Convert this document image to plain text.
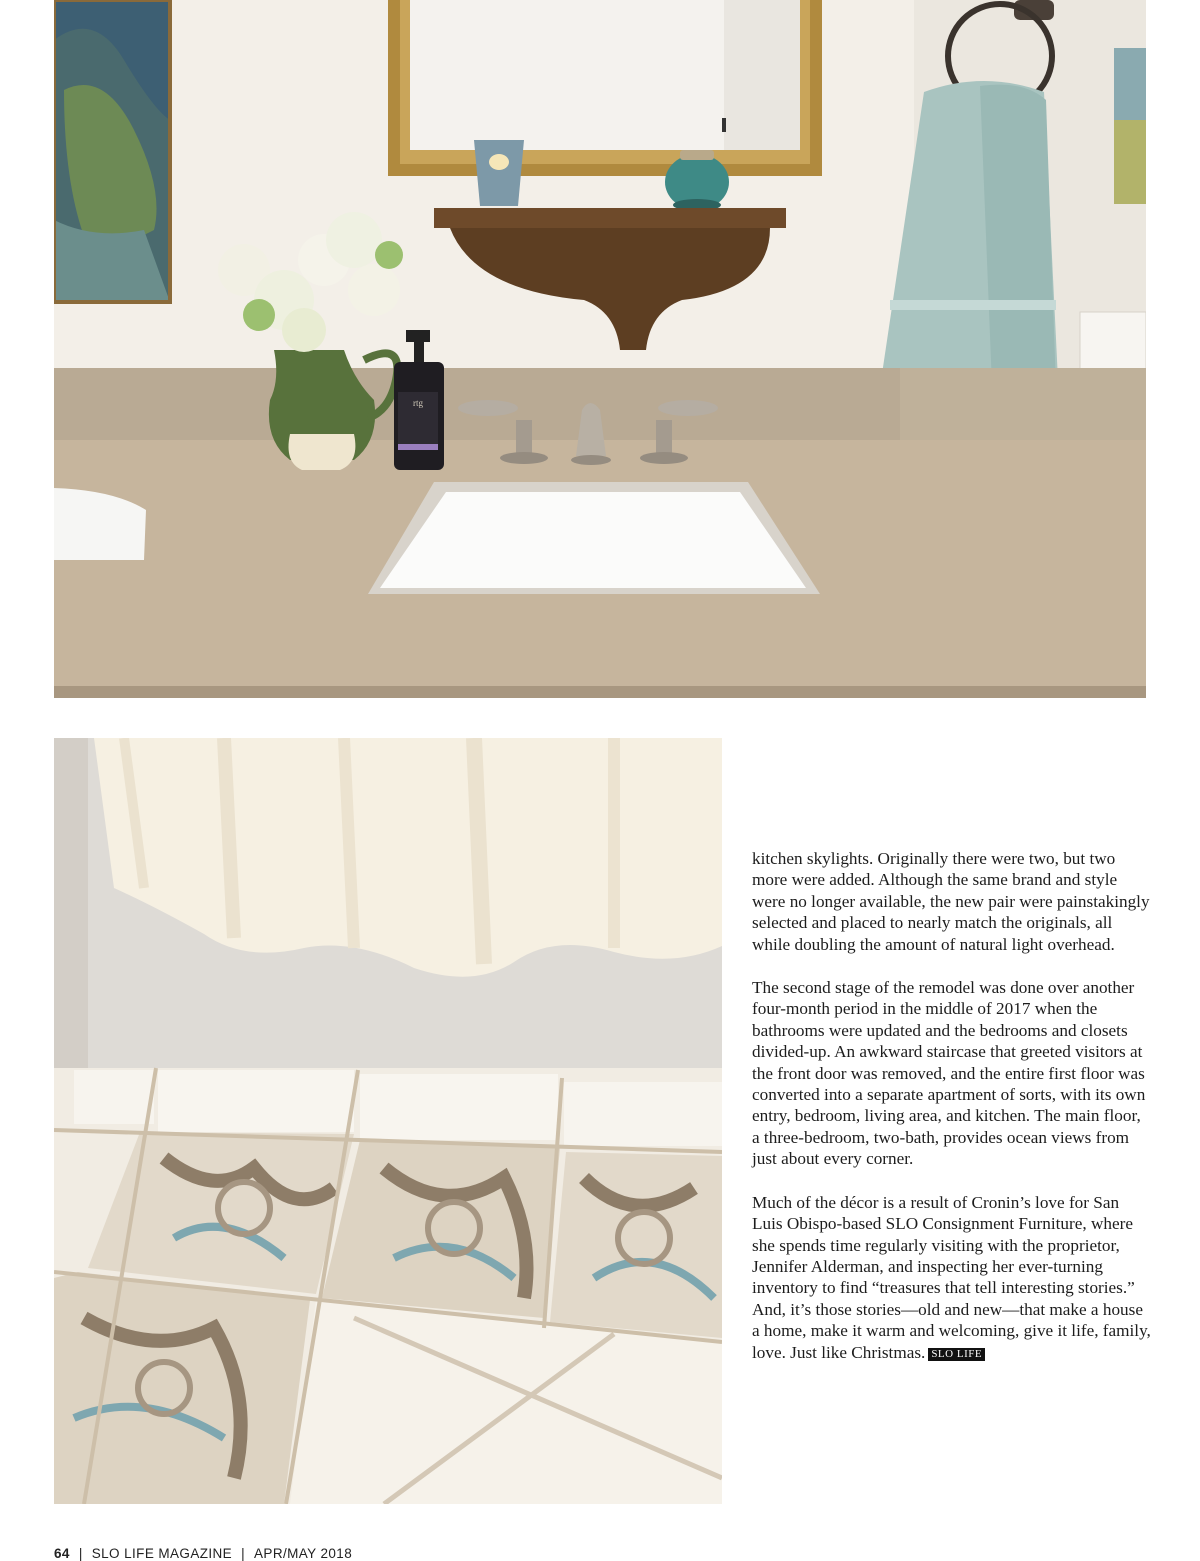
rtg

kitchen skylights. Originally there were two, but two more were added. Although the same brand and style were no longer available, the new pair were painstakingly selected and placed to nearly match the originals, all while doubling the amount of natural light overhead.

The second stage of the remodel was done over another four-month period in the middle of 2017 when the bathrooms were updated and the bedrooms and closets divided-up. An awkward staircase that greeted visitors at the front door was removed, and the entire first floor was converted into a separate apartment of sorts, with its own entry, bedroom, living area, and kitchen. The main floor, a three-bedroom, two-bath, provides ocean views from just about every corner.

Much of the décor is a result of Cronin’s love for San Luis Obispo-based SLO Consignment Furniture, where she spends time regularly visiting with the proprietor, Jennifer Alderman, and inspecting her ever-turning inventory to find “treasures that tell interesting stories.” And, it’s those stories—old and new—that make a house a home, make it warm and welcoming, give it life, family, love. Just like Christmas. SLO LIFE

64 | SLO LIFE MAGAZINE | APR/MAY 2018
